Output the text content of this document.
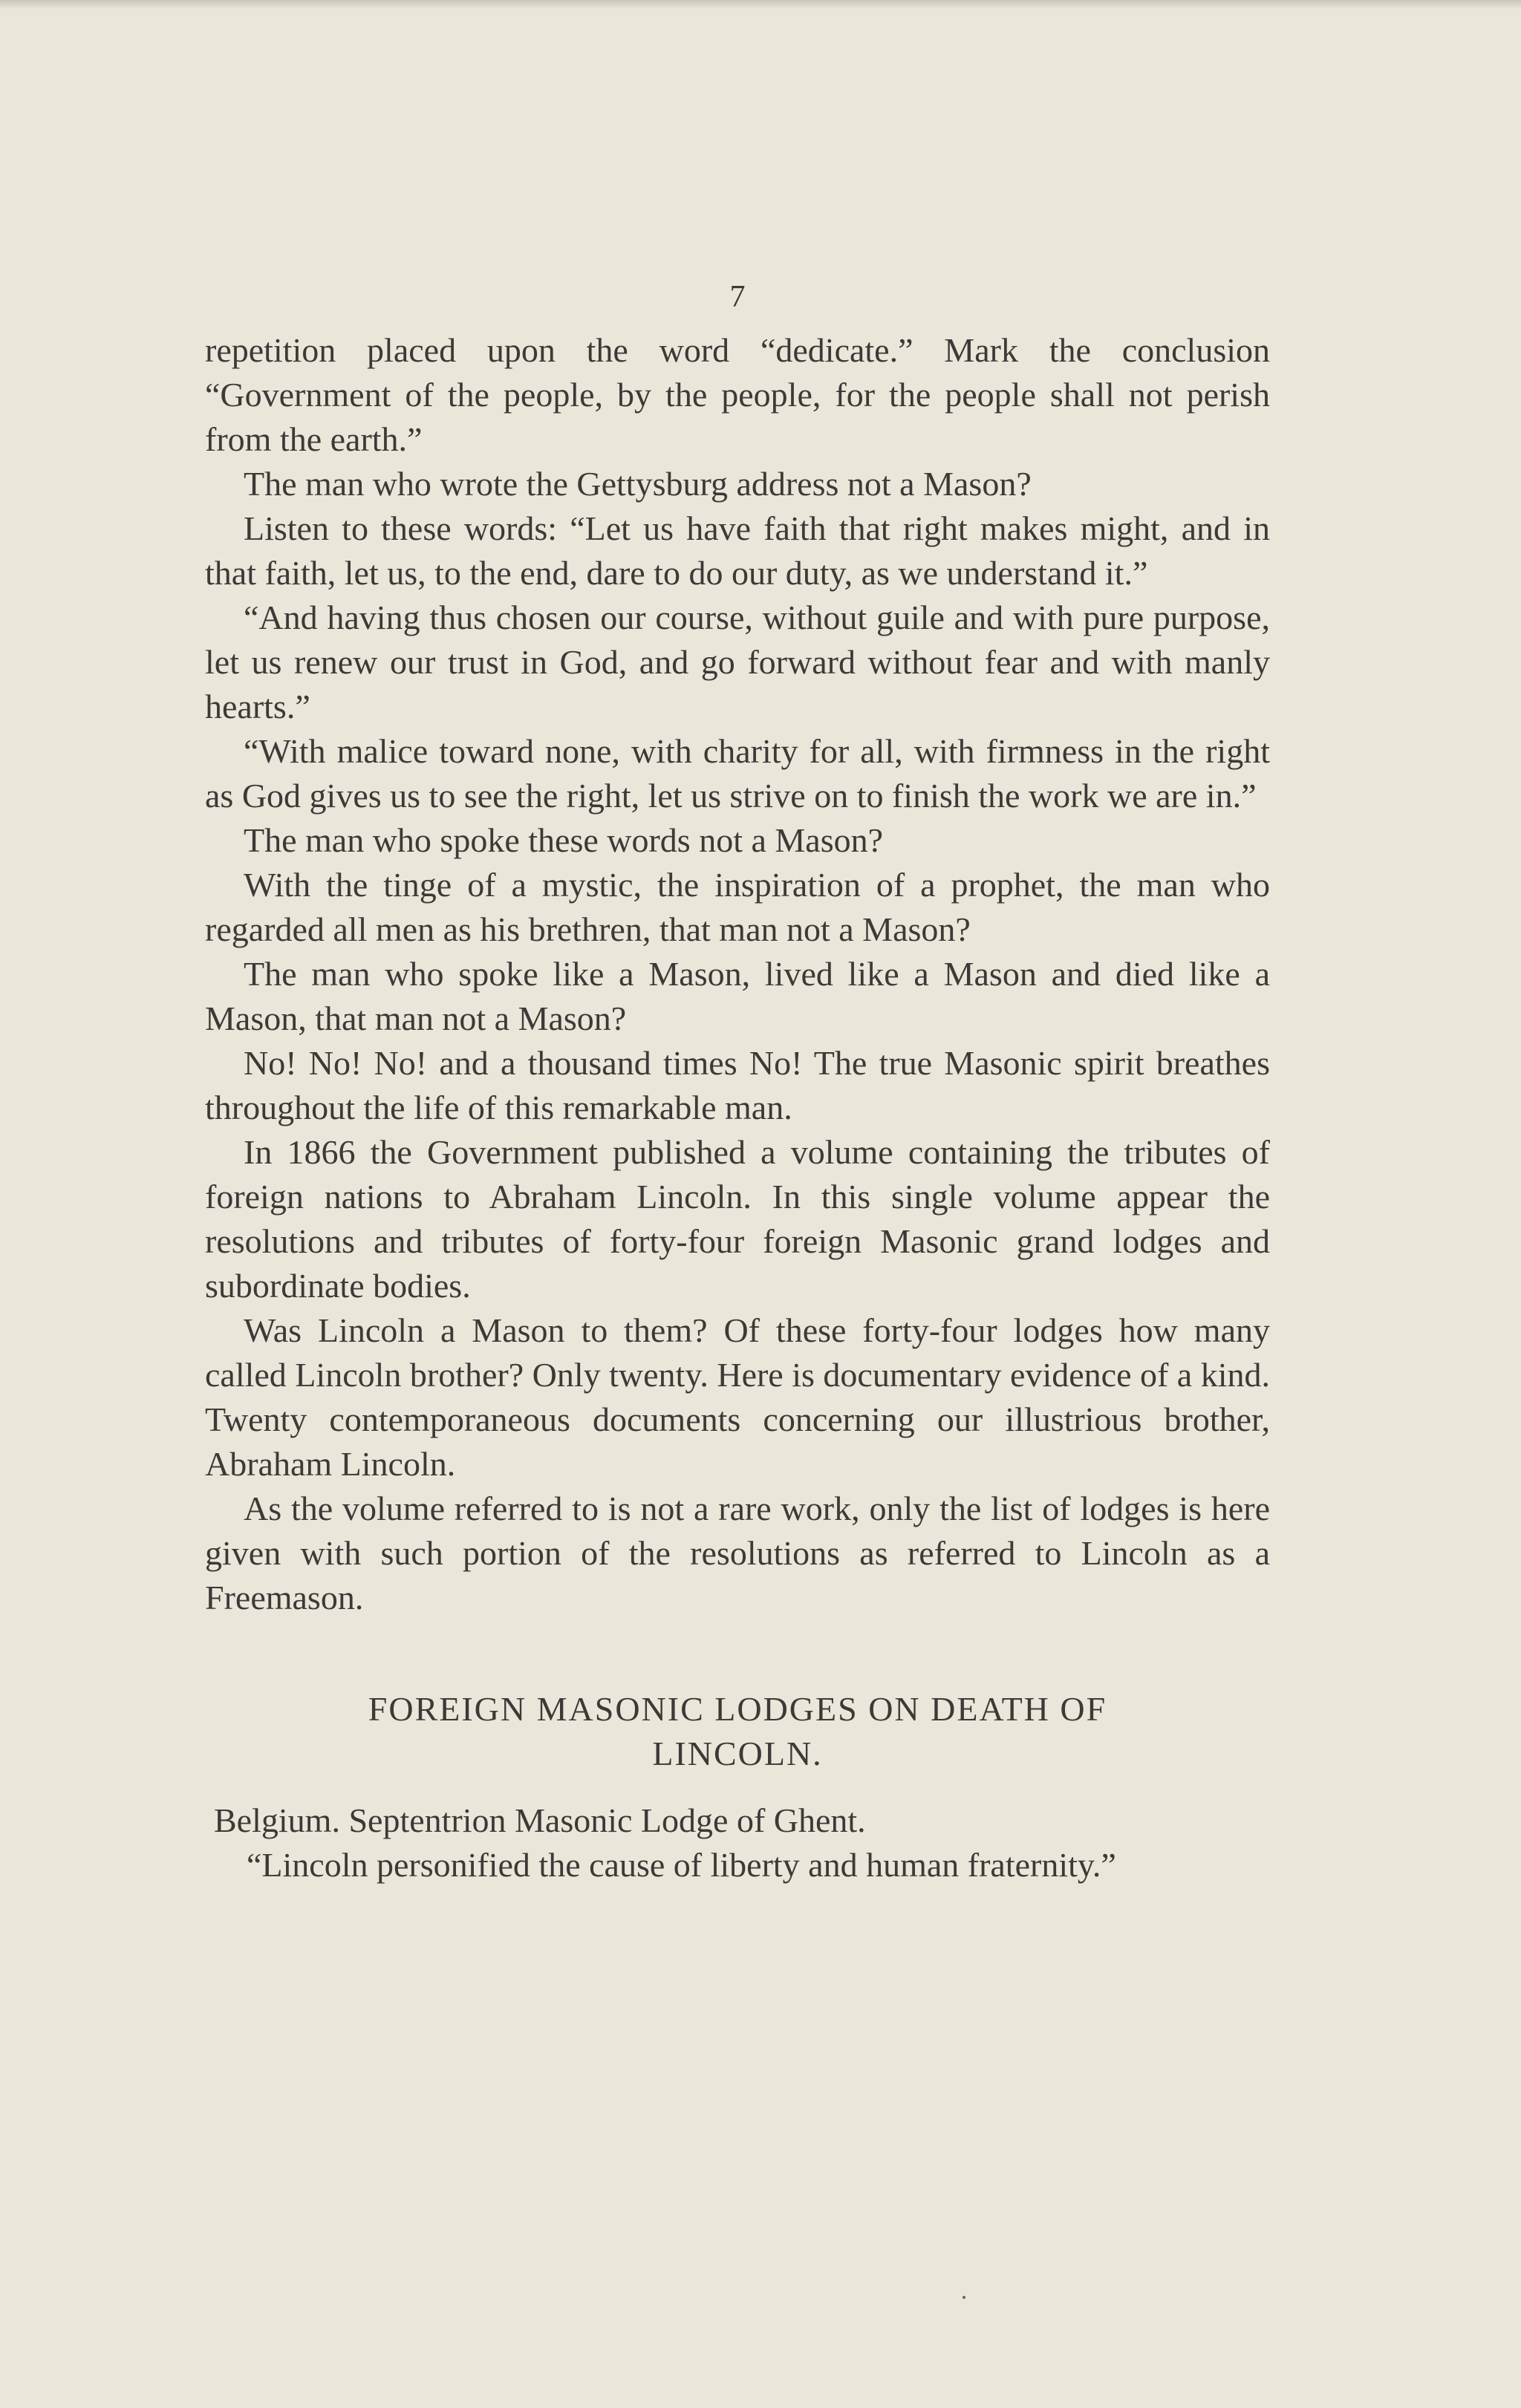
7

repetition placed upon the word “dedicate.” Mark the conclusion “Government of the people, by the people, for the people shall not perish from the earth.”

The man who wrote the Gettysburg address not a Mason?

Listen to these words: “Let us have faith that right makes might, and in that faith, let us, to the end, dare to do our duty, as we understand it.”

“And having thus chosen our course, without guile and with pure purpose, let us renew our trust in God, and go forward without fear and with manly hearts.”

“With malice toward none, with charity for all, with firmness in the right as God gives us to see the right, let us strive on to finish the work we are in.”

The man who spoke these words not a Mason?

With the tinge of a mystic, the inspiration of a prophet, the man who regarded all men as his brethren, that man not a Mason?

The man who spoke like a Mason, lived like a Mason and died like a Mason, that man not a Mason?

No! No! No! and a thousand times No! The true Masonic spirit breathes throughout the life of this remarkable man.

In 1866 the Government published a volume containing the tributes of foreign nations to Abraham Lincoln. In this single volume appear the resolutions and tributes of forty-four foreign Masonic grand lodges and subordinate bodies.

Was Lincoln a Mason to them? Of these forty-four lodges how many called Lincoln brother? Only twenty. Here is documentary evidence of a kind. Twenty contemporaneous documents concerning our illustrious brother, Abraham Lincoln.

As the volume referred to is not a rare work, only the list of lodges is here given with such portion of the resolutions as referred to Lincoln as a Freemason.

FOREIGN MASONIC LODGES ON DEATH OF
LINCOLN.

Belgium. Septentrion Masonic Lodge of Ghent.

“Lincoln personified the cause of liberty and human fraternity.”
